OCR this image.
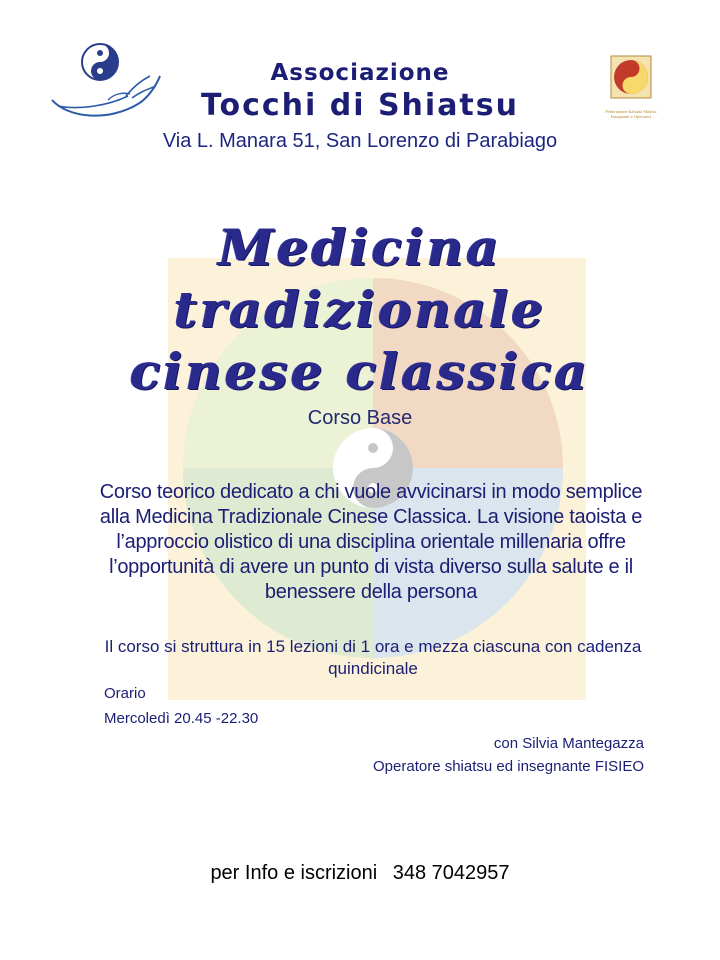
Federazione Italiana Shiatsu Insegnanti e Operatori
Associazione
Tocchi di Shiatsu
Via L. Manara 51, San Lorenzo di Parabiago
Medicina
tradizionale
cinese classica
Corso Base
Corso teorico dedicato a chi vuole avvicinarsi in modo semplice alla Medicina Tradizionale Cinese Classica. La visione taoista e l’approccio olistico di una disciplina orientale millenaria offre l’opportunità di avere un punto di vista diverso sulla salute e il benessere della persona
Il corso si struttura in 15 lezioni di 1 ora e mezza ciascuna con cadenza quindicinale
Orario
Mercoledì 20.45 -22.30
con Silvia Mantegazza
Operatore shiatsu ed insegnante FISIEO
per Info e iscrizioni 348 7042957
